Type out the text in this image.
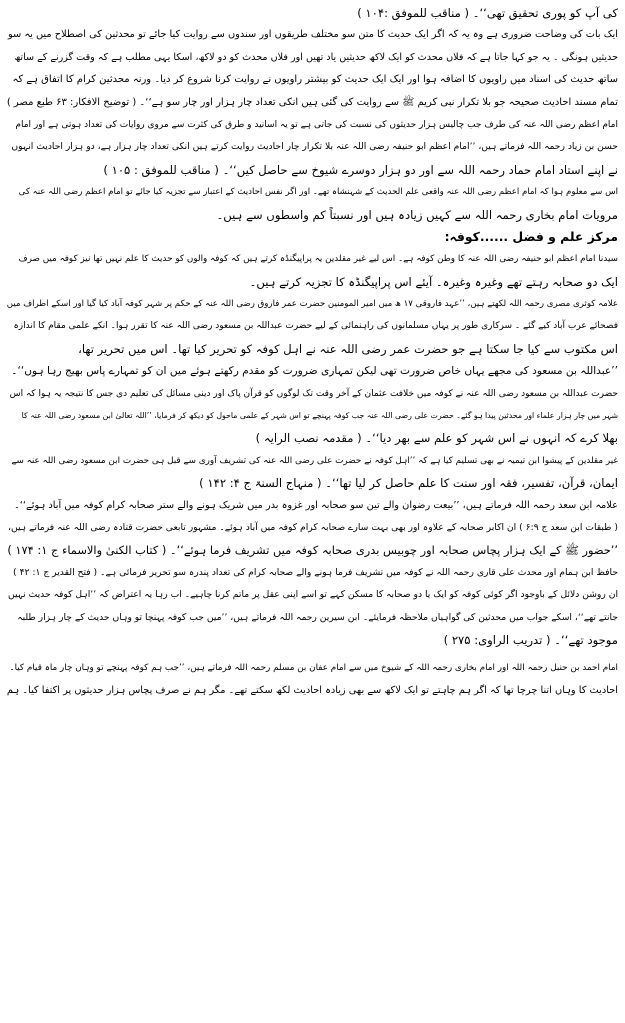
کی آپ کو پوری تحقیق تھی‘‘۔ ( مناقب للموفق :۱۰۴ )
ایک بات کی وضاحت ضروری ہے وہ یہ کہ اگر ایک حدیث کا متن سو مختلف طریقوں اور سندوں سے روایت کیا جائے تو محدثین کی اصطلاح میں یہ سو
حدیثیں ہونگی ۔ یہ جو کہا جاتا ہے کہ فلاں محدث کو ایک لاکھ حدیثیں یاد تھیں اور فلاں محدث کو دو لاکھ، اسکا یہی مطلب ہے کہ وقت گزرنے کے ساتھ
ساتھ حدیث کی اسناد میں راویوں کا اضافہ ہوا اور ایک ایک حدیث کو بیشتر راویوں نے روایت کرنا شروع کر دیا۔ ورنہ محدثین کرام کا اتفاق ہے کہ
تمام مسند احادیث صحیحہ جو بلا تکرار نبی کریم ﷺ سے روایت کی گئی ہیں انکی تعداد چار ہزار اور چار سو ہے‘‘۔ ( توضیح الافکار: ۶۳ طبع مصر )
امام اعظم رضی اللہ عنہ کی طرف جب چالیس ہزار حدیثوں کی نسبت کی جاتی ہے تو یہ اسانید و طرق کی کثرت سے مروی روایات کی تعداد ہوتی ہے اور امام
حسن بن زیاد رحمہ اللہ فرماتے ہیں، ’’امام اعظم ابو حنیفہ رضی اللہ عنہ بلا تکرار چار احادیث روایت کرتے ہیں انکی تعداد چار ہزار ہے، دو ہزار احادیث انہوں
نے اپنے استاد امام حماد رحمہ اللہ سے اور دو ہزار دوسرے شیوخ سے حاصل کیں‘‘۔ ( مناقب للموفق : ۱۰۵ )
اس سے معلوم ہوا کہ امام اعظم رضی اللہ عنہ واقعی علم الحدیث کے شہنشاہ تھے۔ اور اگر نفس احادیث کے اعتبار سے تجزیہ کیا جائے تو امام اعظم رضی اللہ عنہ کی
مرویات امام بخاری رحمہ اللہ سے کہیں زیادہ ہیں اور نسبتاً کم واسطوں سے ہیں۔
مرکز علم و فضل ......کوفہ:
سیدنا امام اعظم ابو حنیفہ رضی اللہ عنہ کا وطن کوفہ ہے۔ اس لیے غیر مقلدین یہ پراپیگنڈہ کرتے ہیں کہ کوفہ والوں کو حدیث کا علم نہیں تھا نیز کوفہ میں صرف
ایک دو صحابہ رہتے تھے وغیرہ وغیرہ۔ آیئے اس پراپیگنڈہ کا تجزیہ کرتے ہیں۔
علامہ کوثری مصری رحمہ اللہ لکھتے ہیں، ’’عہد فاروقی ۱۷ ھ میں امیر المومنین حضرت عمر فاروق رضی اللہ عنہ کے حکم پر شہر کوفہ آباد کیا گیا اور اسکے اطراف میں
فصحائے عرب آباد کیے گئے ۔ سرکاری طور پر یہاں مسلمانوں کی راہنمائی کے لیے حضرت عبداللہ بن مسعود رضی اللہ عنہ کا تقرر ہوا۔ انکے علمی مقام کا اندازہ
اس مکتوب سے کیا جا سکتا ہے جو حضرت عمر رضی اللہ عنہ نے اہل کوفہ کو تحریر کیا تھا۔ اس میں تحریر تھا،
’’عبداللہ بن مسعود کی مجھے یہاں خاص ضرورت تھی لیکن تمہاری ضرورت کو مقدم رکھتے ہوئے میں ان کو تمہارے پاس بھیج رہا ہوں‘‘۔
حضرت عبداللہ بن مسعود رضی اللہ عنہ نے کوفہ میں خلافت عثمان کے آخر وقت تک لوگوں کو قرآن پاک اور دینی مسائل کی تعلیم دی جس کا نتیجہ یہ ہوا کہ اس
شہر میں چار ہزار علماء اور محدثین پیدا ہو گئے۔ حضرت علی رضی اللہ عنہ جب کوفہ پہنچے تو اس شہر کے علمی ماحول کو دیکھ کر فرمایا، ’’اللہ تعالیٰ ابن مسعود رضی اللہ عنہ کا
بھلا کرے کہ انہوں نے اس شہر کو علم سے بھر دیا‘‘۔ ( مقدمہ نصب الرایہ )
غیر مقلدین کے پیشوا ابن تیمیہ نے بھی تسلیم کیا ہے کہ ’’اہل کوفہ نے حضرت علی رضی اللہ عنہ کی تشریف آوری سے قبل ہی حضرت ابن مسعود رضی اللہ عنہ سے
ایمان، قرآن، تفسیر، فقہ اور سنت کا علم حاصل کر لیا تھا‘‘۔ ( منہاج السنۃ ج ۴: ۱۴۲ )
علامہ ابن سعد رحمہ اللہ فرماتے ہیں، ’’بیعت رضوان والے تین سو صحابہ اور غزوہ بدر میں شریک ہونے والے ستر صحابہ کرام کوفہ میں آباد ہوئے‘‘۔
( طبقات ابن سعد ج ۶:۹ ) ان اکابر صحابہ کے علاوہ اور بھی بہت سارے صحابہ کرام کوفہ میں آباد ہوئے۔ مشہور تابعی حضرت قتادہ رضی اللہ عنہ فرماتے ہیں،
’’حضور ﷺ کے ایک ہزار پچاس صحابہ اور چوبیس بدری صحابہ کوفہ میں تشریف فرما ہوئے‘‘۔ ( کتاب الکنیٰ والاسماء ج ۱: ۱۷۴ )
حافظ ابن ہمام اور محدث علی قاری رحمہ اللہ نے کوفہ میں تشریف فرما ہونے والے صحابہ کرام کی تعداد پندرہ سو تحریر فرمائی ہے۔ ( فتح القدیر ج ۱: ۴۲ )
ان روشن دلائل کے باوجود اگر کوئی کوفہ کو ایک یا دو صحابہ کا مسکن کہے تو اسے اپنی عقل پر ماتم کرنا چاہیے۔ اب رہا یہ اعتراض کہ ’’اہل کوفہ حدیث نہیں
جانتے تھے‘‘، اسکے جواب میں محدثین کی گواہیاں ملاحظہ فرمایئے۔ ابن سیرین رحمہ اللہ فرماتے ہیں، ’’میں جب کوفہ پہنچا تو وہاں حدیث کے چار ہزار طلبہ
موجود تھے‘‘۔ ( تدریب الراوی: ۲۷۵ )
امام احمد بن حنبل رحمہ اللہ اور امام بخاری رحمہ اللہ کے شیوخ میں سے امام عفان بن مسلم رحمہ اللہ فرماتے ہیں، ’’جب ہم کوفہ پہنچے تو وہاں چار ماہ قیام کیا۔
احادیث کا وہاں اتنا چرچا تھا کہ اگر ہم چاہتے تو ایک لاکھ سے بھی زیادہ احادیث لکھ سکتے تھے۔ مگر ہم نے صرف پچاس ہزار حدیثوں پر اکتفا کیا۔ ہم
